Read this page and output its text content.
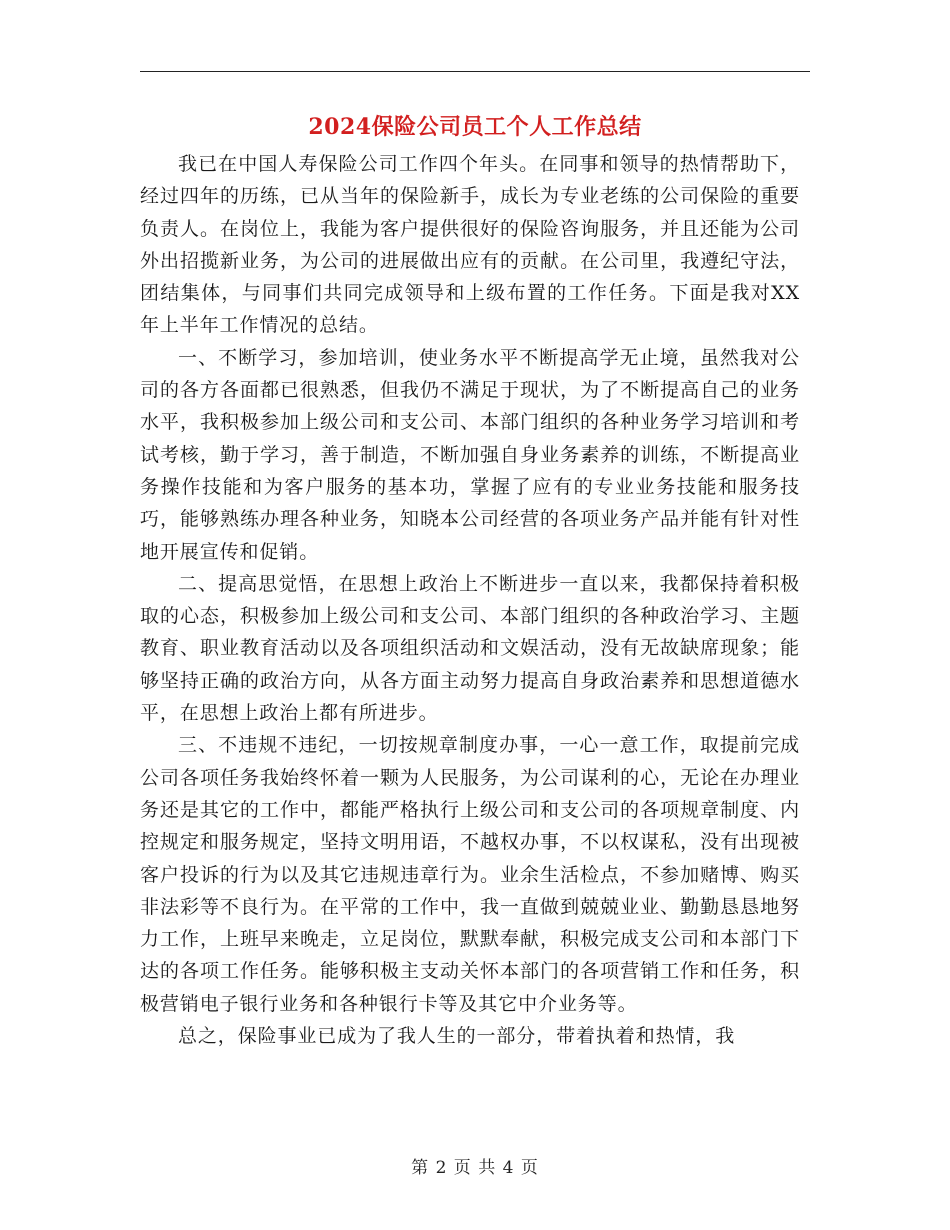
2024保险公司员工个人工作总结

我已在中国人寿保险公司工作四个年头。在同事和领导的热情帮助下，经过四年的历练，已从当年的保险新手，成长为专业老练的公司保险的重要负责人。在岗位上，我能为客户提供很好的保险咨询服务，并且还能为公司外出招揽新业务，为公司的进展做出应有的贡献。在公司里，我遵纪守法，团结集体，与同事们共同完成领导和上级布置的工作任务。下面是我对XX年上半年工作情况的总结。

一、不断学习，参加培训，使业务水平不断提高学无止境，虽然我对公司的各方各面都已很熟悉，但我仍不满足于现状，为了不断提高自己的业务水平，我积极参加上级公司和支公司、本部门组织的各种业务学习培训和考试考核，勤于学习，善于制造，不断加强自身业务素养的训练，不断提高业务操作技能和为客户服务的基本功，掌握了应有的专业业务技能和服务技巧，能够熟练办理各种业务，知晓本公司经营的各项业务产品并能有针对性地开展宣传和促销。

二、提高思觉悟，在思想上政治上不断进步一直以来，我都保持着积极取的心态，积极参加上级公司和支公司、本部门组织的各种政治学习、主题教育、职业教育活动以及各项组织活动和文娱活动，没有无故缺席现象；能够坚持正确的政治方向，从各方面主动努力提高自身政治素养和思想道德水平，在思想上政治上都有所进步。

三、不违规不违纪，一切按规章制度办事，一心一意工作，取提前完成公司各项任务我始终怀着一颗为人民服务，为公司谋利的心，无论在办理业务还是其它的工作中，都能严格执行上级公司和支公司的各项规章制度、内控规定和服务规定，坚持文明用语，不越权办事，不以权谋私，没有出现被客户投诉的行为以及其它违规违章行为。业余生活检点，不参加赌博、购买非法彩等不良行为。在平常的工作中，我一直做到兢兢业业、勤勤恳恳地努力工作，上班早来晚走，立足岗位，默默奉献，积极完成支公司和本部门下达的各项工作任务。能够积极主支动关怀本部门的各项营销工作和任务，积极营销电子银行业务和各种银行卡等及其它中介业务等。

总之，保险事业已成为了我人生的一部分，带着执着和热情，我

第 2 页 共 4 页
